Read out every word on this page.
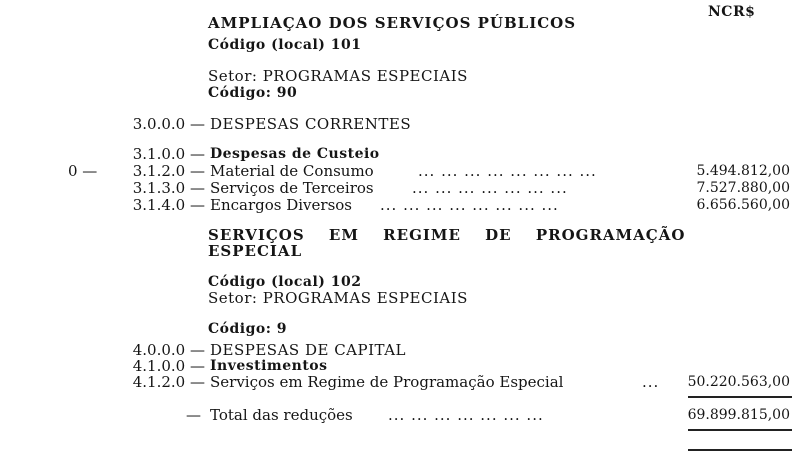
NCR$
AMPLIAÇAO DOS SERVIÇOS PÚBLICOS
Código (local) 101
Setor: PROGRAMAS ESPECIAIS
Código: 90
3.0.0.0 — DESPESAS CORRENTES
3.1.0.0 — Despesas de Custeio
0 —	3.1.2.0 — Material de Consumo	... ... ... ... ... ... ... ...	5.494.812,00
3.1.3.0 — Serviços de Terceiros	... ... ... ... ... ... ...	7.527.880,00
3.1.4.0 — Encargos Diversos ... ... ... ... ... ... ... ...	6.656.560,00
SERVIÇOS EM REGIME DE PROGRAMAÇÃO
ESPECIAL
Código (local) 102
Setor: PROGRAMAS ESPECIAIS
Código: 9
4.0.0.0 — DESPESAS DE CAPITAL
4.1.0.0 — Investimentos
4.1.2.0 — Serviços em Regime de Programação Especial	...	50.220.563,00
— Total das reduções ... ... ... ... ... ... ...	69.899.815,00
